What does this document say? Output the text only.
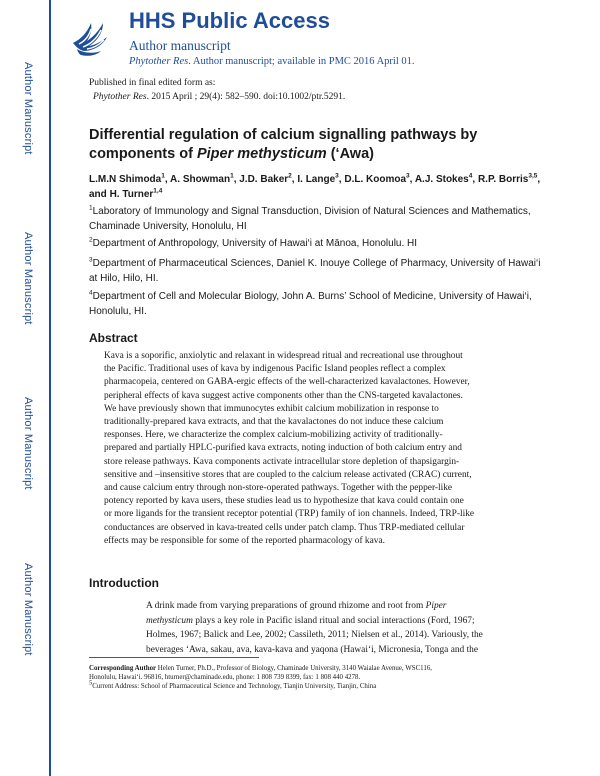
Author Manuscript
Author Manuscript
Author Manuscript
Author Manuscript
HHS Public Access
Author manuscript
Phytother Res. Author manuscript; available in PMC 2016 April 01.
Published in final edited form as:
Phytother Res. 2015 April ; 29(4): 582–590. doi:10.1002/ptr.5291.
Differential regulation of calcium signalling pathways by components of Piper methysticum (‘Awa)
L.M.N Shimoda$^1$, A. Showman$^1$, J.D. Baker$^2$, I. Lange$^3$, D.L. Koomoa$^3$, A.J. Stokes$^4$, R.P. Borris$^{3,5}$, and H. Turner$^{1,4}$
$^1$Laboratory of Immunology and Signal Transduction, Division of Natural Sciences and Mathematics, Chaminade University, Honolulu, HI
$^2$Department of Anthropology, University of Hawai‘i at Mānoa, Honolulu. HI
$^3$Department of Pharmaceutical Sciences, Daniel K. Inouye College of Pharmacy, University of Hawai‘i at Hilo, Hilo, HI.
$^4$Department of Cell and Molecular Biology, John A. Burns’ School of Medicine, University of Hawai‘i, Honolulu, HI.
Abstract
Kava is a soporific, anxiolytic and relaxant in widespread ritual and recreational use throughout
the Pacific. Traditional uses of kava by indigenous Pacific Island peoples reflect a complex
pharmacopeia, centered on GABA-ergic effects of the well-characterized kavalactones. However,
peripheral effects of kava suggest active components other than the CNS-targeted kavalactones.
We have previously shown that immunocytes exhibit calcium mobilization in response to
traditionally-prepared kava extracts, and that the kavalactones do not induce these calcium
responses. Here, we characterize the complex calcium-mobilizing activity of traditionally-
prepared and partially HPLC-purified kava extracts, noting induction of both calcium entry and
store release pathways. Kava components activate intracellular store depletion of thapsigargin-
sensitive and –insensitive stores that are coupled to the calcium release activated (CRAC) current,
and cause calcium entry through non-store-operated pathways. Together with the pepper-like
potency reported by kava users, these studies lead us to hypothesize that kava could contain one
or more ligands for the transient receptor potential (TRP) family of ion channels. Indeed, TRP-like
conductances are observed in kava-treated cells under patch clamp. Thus TRP-mediated cellular
effects may be responsible for some of the reported pharmacology of kava.
Introduction
A drink made from varying preparations of ground rhizome and root from Piper
methysticum plays a key role in Pacific island ritual and social interactions (Ford, 1967;
Holmes, 1967; Balick and Lee, 2002; Cassileth, 2011; Nielsen et al., 2014). Variously, the
beverages ‘Awa, sakau, ava, kava-kava and yaqona (Hawai‘i, Micronesia, Tonga and the
Corresponding Author Helen Turner, Ph.D., Professor of Biology, Chaminade University, 3140 Waialae Avenue, WSC116,
Honolulu, Hawai‘i. 96816, hturner@chaminade.edu, phone: 1 808 739 8399, fax: 1 808 440 4278.
$^5$Current Address: School of Pharmaceutical Science and Technology, Tianjin University, Tianjin, China
